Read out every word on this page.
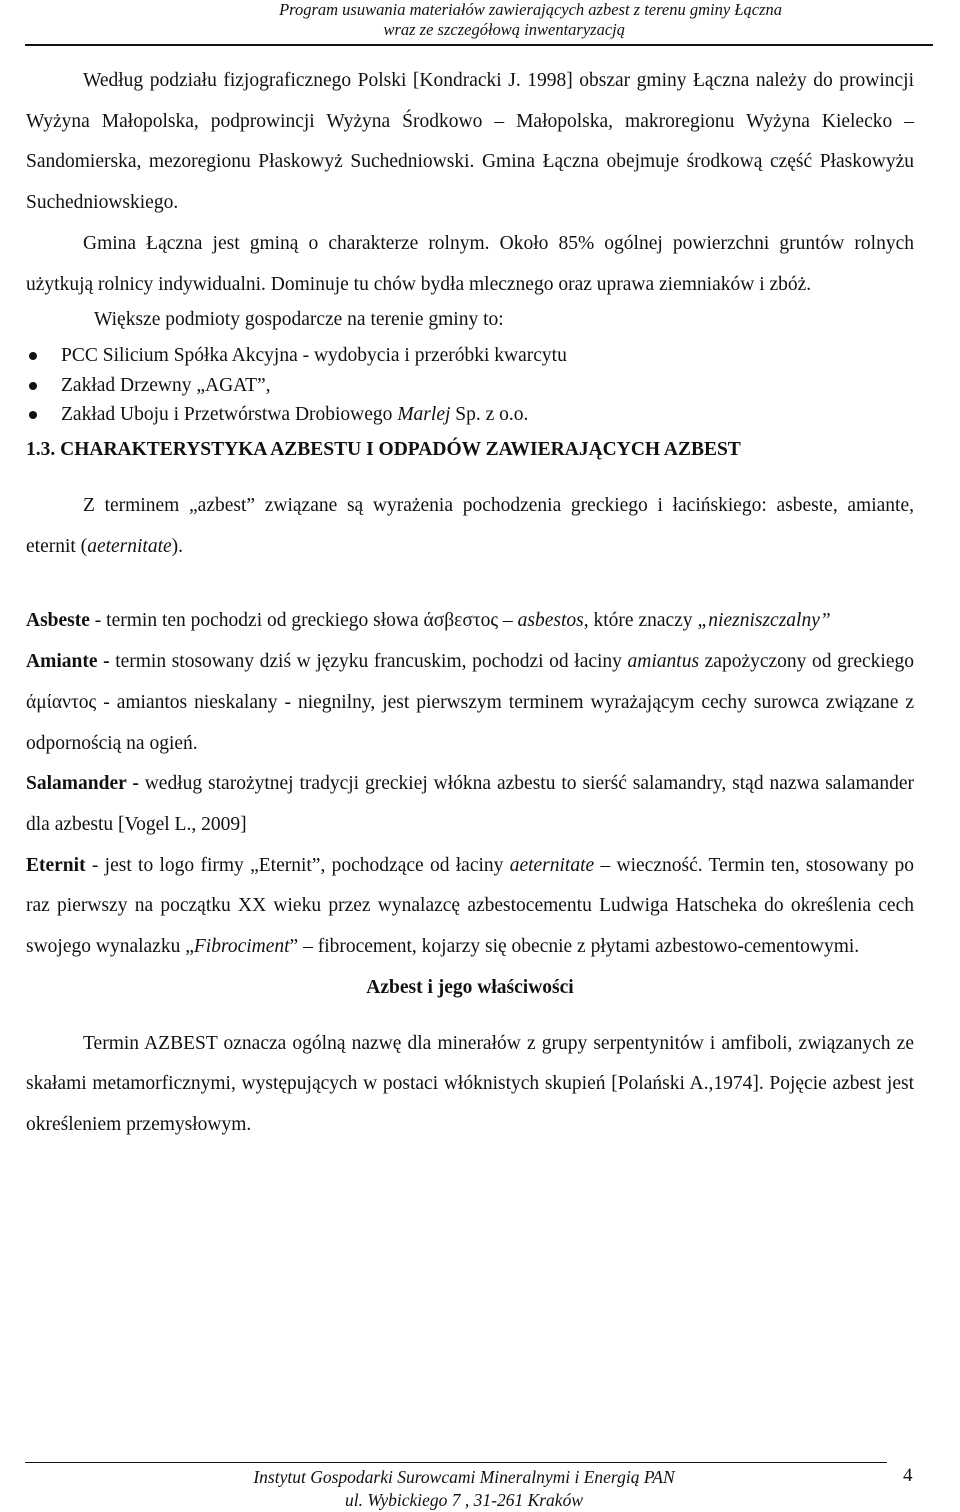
Program usuwania materiałów zawierających azbest z terenu gminy Łączna
wraz ze szczegółową inwentaryzacją

Według podziału fizjograficznego Polski [Kondracki J. 1998] obszar gminy Łączna należy do prowincji Wyżyna Małopolska, podprowincji Wyżyna Środkowo – Małopolska, makroregionu Wyżyna Kielecko – Sandomierska, mezoregionu Płaskowyż Suchedniowski. Gmina Łączna obejmuje środkową część Płaskowyżu Suchedniowskiego.

Gmina Łączna jest gminą o charakterze rolnym. Około 85% ogólnej powierzchni gruntów rolnych użytkują rolnicy indywidualni. Dominuje tu chów bydła mlecznego oraz uprawa ziemniaków i zbóż.

Większe podmioty gospodarcze na terenie gminy to:

PCC Silicium Spółka Akcyjna - wydobycia i przeróbki kwarcytu
Zakład Drzewny „AGAT”,
Zakład Uboju i Przetwórstwa Drobiowego Marlej Sp. z o.o.

1.3. CHARAKTERYSTYKA AZBESTU I ODPADÓW ZAWIERAJĄCYCH AZBEST

Z terminem „azbest” związane są wyrażenia pochodzenia greckiego i łacińskiego: asbeste, amiante, eternit (aeternitate).

Asbeste - termin ten pochodzi od greckiego słowa άσβεστος – asbestos, które znaczy „niezniszczalny”

Amiante - termin stosowany dziś w języku francuskim, pochodzi od łaciny amiantus zapożyczony od greckiego άμίαντος - amiantos nieskalany - niegnilny, jest pierwszym terminem wyrażającym cechy surowca związane z odpornością na ogień.

Salamander - według starożytnej tradycji greckiej włókna azbestu to sierść salamandry, stąd nazwa salamander dla azbestu [Vogel L., 2009]

Eternit - jest to logo firmy „Eternit”, pochodzące od łaciny aeternitate – wieczność. Termin ten, stosowany po raz pierwszy na początku XX wieku przez wynalazcę azbestocementu Ludwiga Hatschekа do określenia cech swojego wynalazku „Fibrociment” – fibrocement, kojarzy się obecnie z płytami azbestowo-cementowymi.

Azbest i jego właściwości

Termin AZBEST oznacza ogólną nazwę dla minerałów z grupy serpentynitów i amfiboli, związanych ze skałami metamorficznymi, występujących w postaci włóknistych skupień [Polański A.,1974]. Pojęcie azbest jest określeniem przemysłowym.

Instytut Gospodarki Surowcami Mineralnymi i Energią PAN
ul. Wybickiego 7 , 31-261 Kraków
4
